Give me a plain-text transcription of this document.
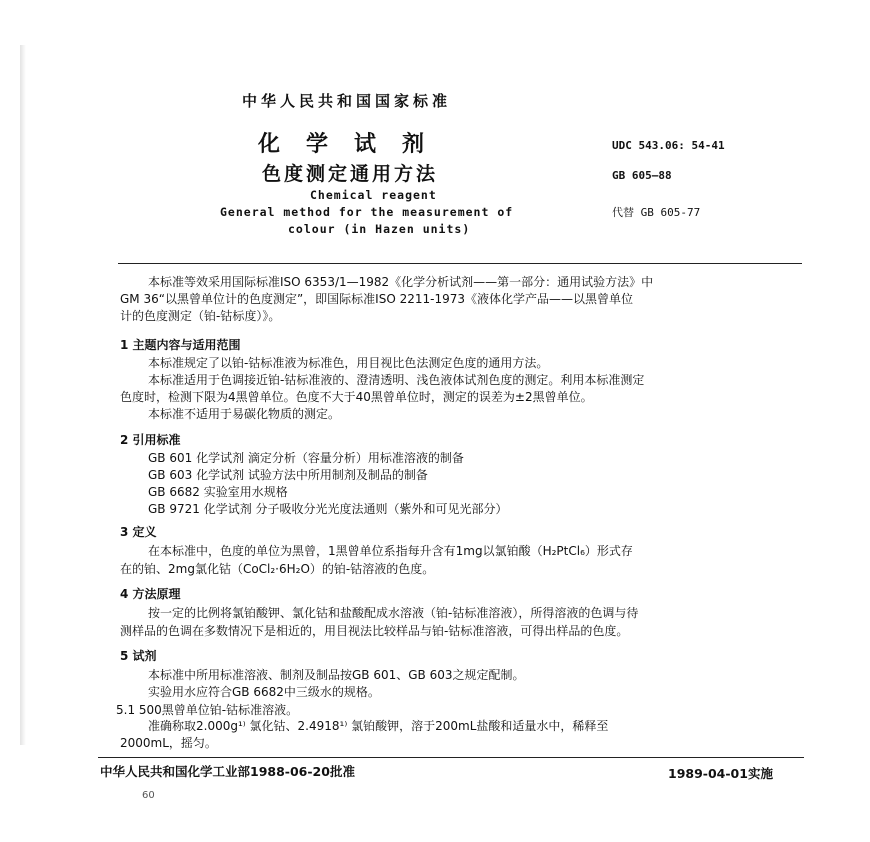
中华人民共和国国家标准
化学试剂
色度测定通用方法
Chemical reagent
General method for the measurement of
colour (in Hazen units)
UDC 543.06: 54-41
GB 605—88
代替 GB 605-77
本标准等效采用国际标准ISO 6353/1—1982《化学分析试剂——第一部分：通用试验方法》中
GM 36“以黑曾单位计的色度测定”，即国际标准ISO 2211-1973《液体化学产品——以黑曾单位
计的色度测定（铂-钴标度）》。
1 主题内容与适用范围
本标准规定了以铂-钴标准液为标准色，用目视比色法测定色度的通用方法。
本标准适用于色调接近铂-钴标准液的、澄清透明、浅色液体试剂色度的测定。利用本标准测定
色度时，检测下限为4黑曾单位。色度不大于40黑曾单位时，测定的误差为±2黑曾单位。
本标准不适用于易碳化物质的测定。
2 引用标准
GB 601 化学试剂 滴定分析（容量分析）用标准溶液的制备
GB 603 化学试剂 试验方法中所用制剂及制品的制备
GB 6682 实验室用水规格
GB 9721 化学试剂 分子吸收分光光度法通则（紫外和可见光部分）
3 定义
在本标准中，色度的单位为黑曾，1黑曾单位系指每升含有1mg以氯铂酸（H₂PtCl₆）形式存
在的铂、2mg氯化钴（CoCl₂·6H₂O）的铂-钴溶液的色度。
4 方法原理
按一定的比例将氯铂酸钾、氯化钴和盐酸配成水溶液（铂-钴标准溶液），所得溶液的色调与待
测样品的色调在多数情况下是相近的，用目视法比较样品与铂-钴标准溶液，可得出样品的色度。
5 试剂
本标准中所用标准溶液、制剂及制品按GB 601、GB 603之规定配制。
实验用水应符合GB 6682中三级水的规格。
5.1 500黑曾单位铂-钴标准溶液。
准确称取2.000g¹⁾ 氯化钴、2.4918¹⁾ 氯铂酸钾，溶于200mL盐酸和适量水中，稀释至
2000mL，摇匀。
中华人民共和国化学工业部1988-06-20批准	1989-04-01实施
60
